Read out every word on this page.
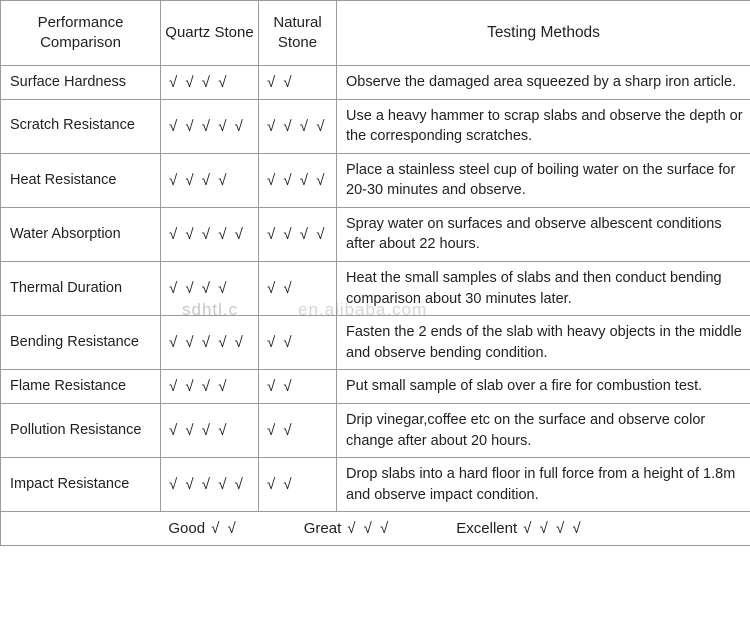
Performance Comparison	Quartz Stone	Natural Stone	Testing Methods
Surface Hardness	√ √ √ √	√ √	Observe the damaged area squeezed by a sharp iron article.
Scratch Resistance	√ √ √ √ √	√ √ √ √	Use a heavy hammer to scrap slabs and observe the depth or the corresponding scratches.
Heat Resistance	√ √ √ √	√ √ √ √	Place a stainless steel cup of boiling water on the surface for 20-30 minutes and observe.
Water Absorption	√ √ √ √ √	√ √ √ √	Spray water on surfaces and observe albescent conditions after about 22 hours.
Thermal Duration	√ √ √ √	√ √	Heat the small samples of slabs and then conduct bending comparison about 30 minutes later.
Bending Resistance	√ √ √ √ √	√ √	Fasten the 2 ends of the slab with heavy objects in the middle and observe bending condition.
Flame Resistance	√ √ √ √	√ √	Put small sample of slab over a fire for combustion test.
Pollution Resistance	√ √ √ √	√ √	Drip vinegar,coffee etc on the surface and observe color change after about 20 hours.
Impact Resistance	√ √ √ √ √	√ √	Drop slabs into a hard floor in full force from a height of 1.8m and observe impact condition.

Good √ √ Great √ √ √ Excellent √ √ √ √			
sdhtl.c	en.alibaba.com
